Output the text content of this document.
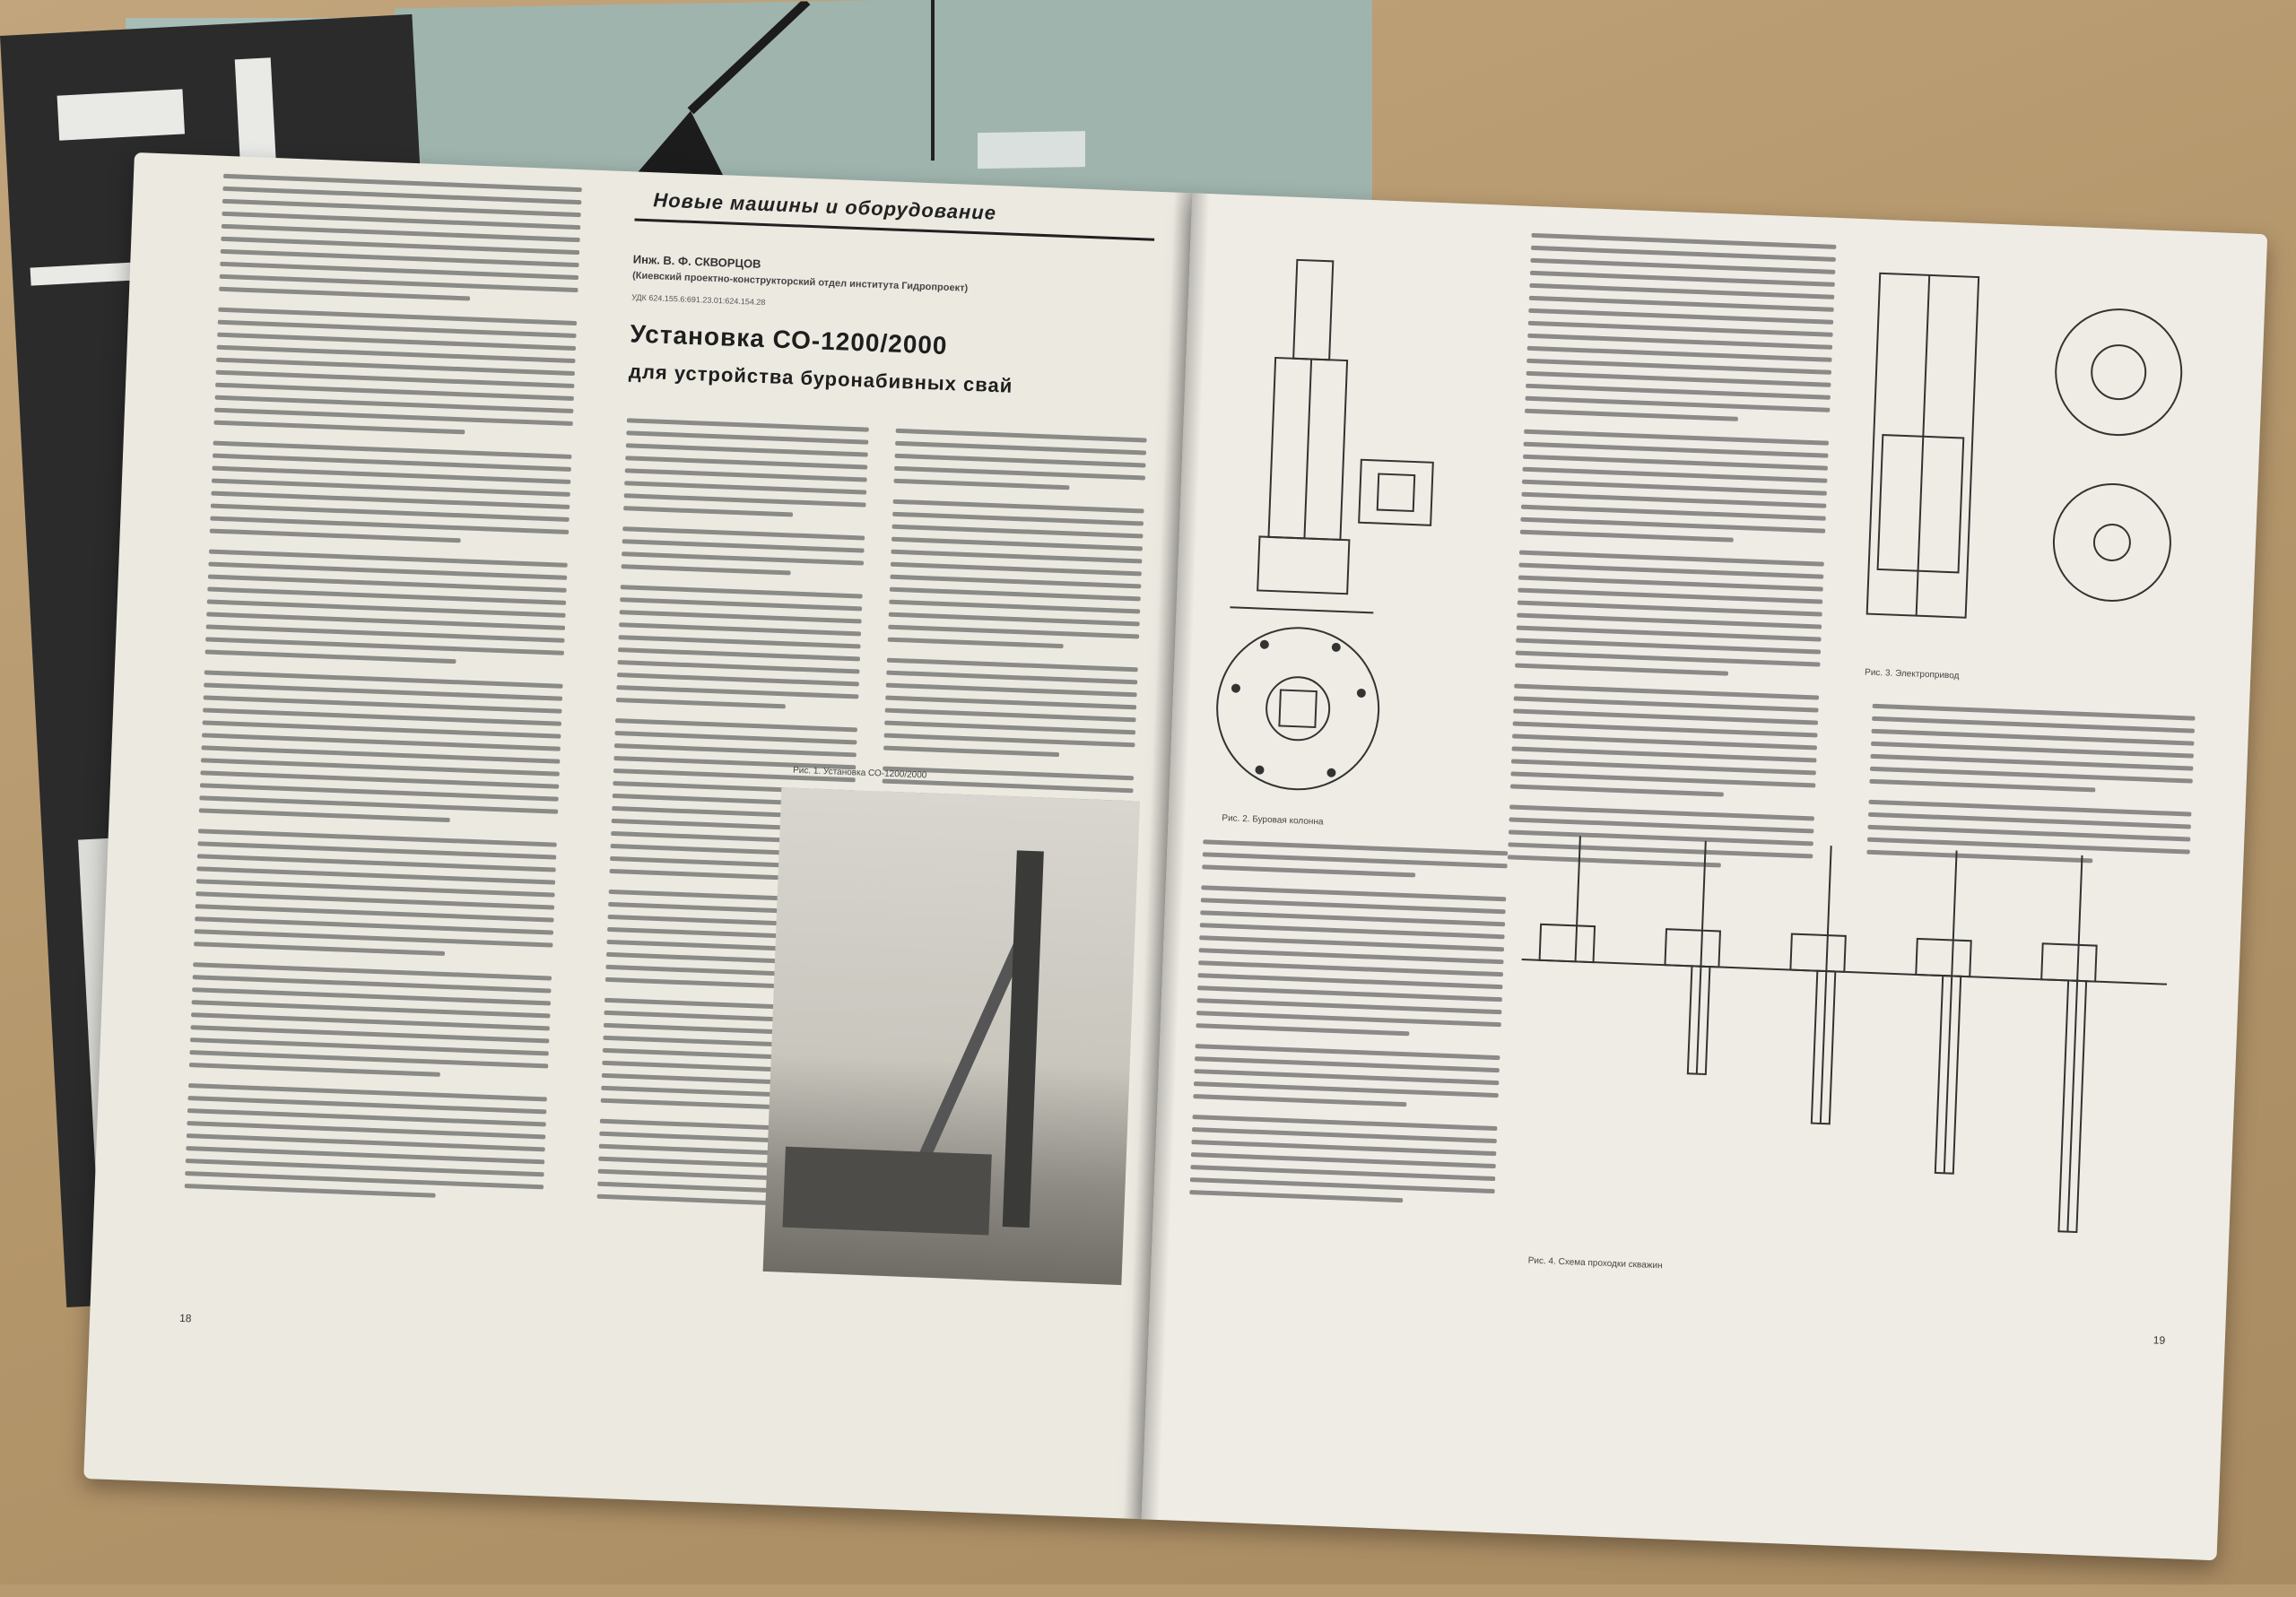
Новые машины и оборудование
Инж. В. Ф. СКВОРЦОВ
(Киевский проектно-конструкторский отдел института Гидропроект)
УДК 624.155.6:691.23.01:624.154.28
Установка СО-1200/2000
для устройства буронабивных свай
Рис. 1. Установка СО-1200/2000
18
Рис. 2. Буровая колонна
Рис. 3. Электропривод
Рис. 4. Схема проходки скважин
19
